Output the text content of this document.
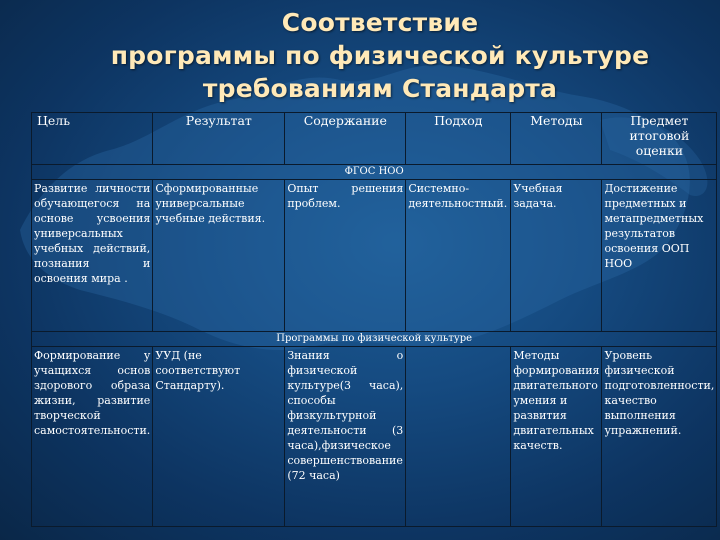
Соответствие
программы по физической культуре
требованиям Стандарта
Цель	Результат	Содержание	Подход	Методы	Предмет итоговой оценки
ФГОС НОО					
Развитие личности обучающегося на основе усвоения универсальных учебных действий, познания и освоения мира .	Сформированные универсальные учебные действия.	Опыт решения проблем.	Системно-деятельностный.	Учебная задача.	Достижение предметных и метапредметных результатов освоения ООП НОО
Программы по физической культуре					
Формирование у учащихся основ здорового образа жизни, развитие творческой самостоятельности.	УУД (не соответствуют Стандарту).	Знания о физической культуре(3 часа), способы физкультурной деятельности (3 часа),физическое совершенствование (72 часа)		Методы формирования двигательного умения и развития двигательных качеств.	Уровень физической подготовленности, качество выполнения упражнений.
